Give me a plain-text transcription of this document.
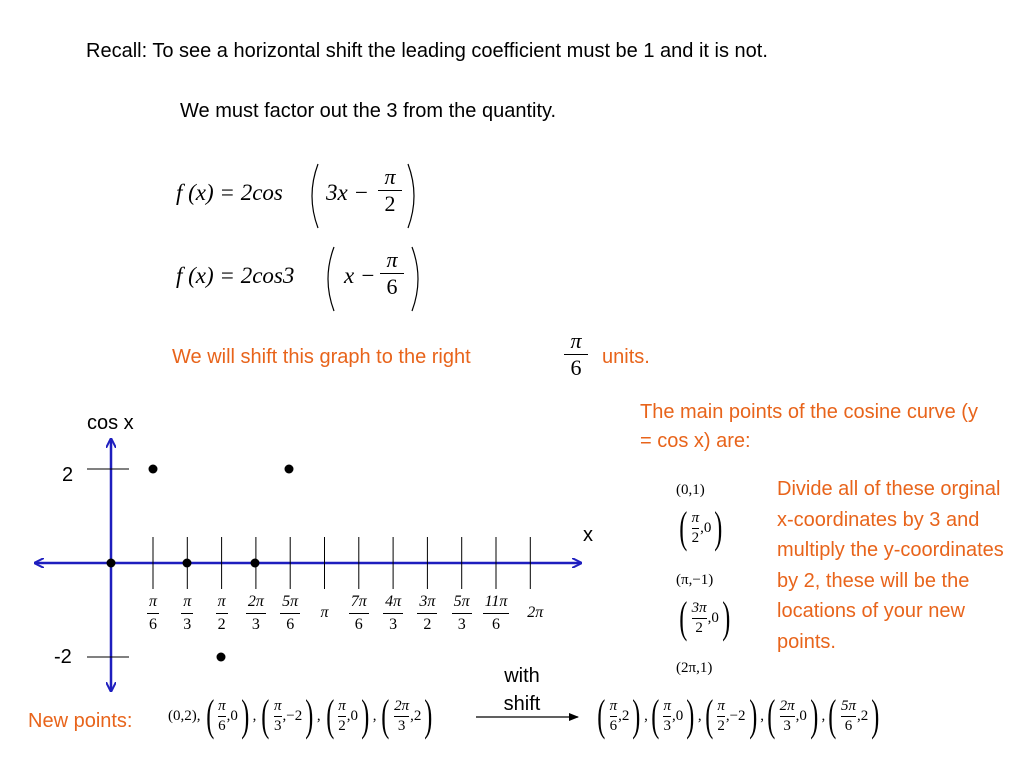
Recall: To see a horizontal shift the leading coefficient must be 1 and it is not.
We must factor out the 3 from the quantity.
f (x) = 2cos 3x −
π
2
f (x) = 2cos3 x −
π
6
We will shift this graph to the right
π
6	units.
The main points of the cosine curve (y = cos x) are:
(0,1)
( π
2
,0 )
(π,−1)
( 3π
2
,0 )
(2π,1)
Divide all of these orginal x-coordinates by 3 and multiply the y-coordinates by 2, these will be the locations of your new points.
cos x
x
2
-2
π
6
π
3
π
2
2π
3
5π
6
π
7π
6
4π
3
3π
2
5π
3
11π
6
2π
with shift
New points: (0,2), ( π
6
,0 ) , ( π
3
,−2 ) , ( π
2
,0 ) , ( 2π
3
,2 )	( π
6
,2 ) , ( π
3
,0 ) , ( π
2
,−2 ) , ( 2π
3
,0 ) , ( 5π
6
,2 )
